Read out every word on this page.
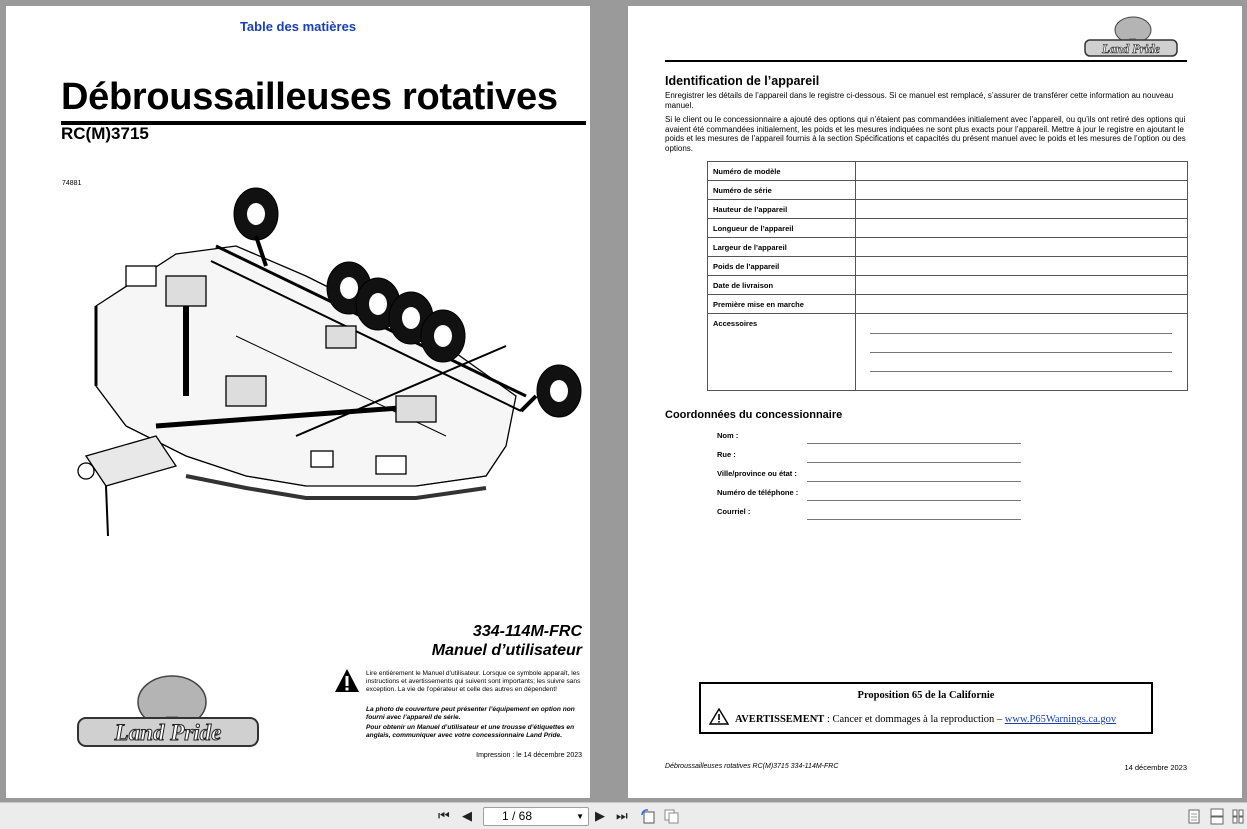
Table des matières
Débroussailleuses rotatives
RC(M)3715
74881
334-114M-FRC
Manuel d’utilisateur
Lire entièrement le Manuel d’utilisateur. Lorsque ce symbole apparaît, les instructions et avertissements qui suivent sont importants; les suivre sans exception. La vie de l’opérateur et celle des autres en dépendent!
La photo de couverture peut présenter l’équipement en option non fourni avec l’appareil de série.
Pour obtenir un Manuel d’utilisateur et une trousse d’étiquettes en anglais, communiquer avec votre concessionnaire Land Pride.
Impression : le 14 décembre 2023
Land Pride
Land Pride
Identification de l’appareil
Enregistrer les détails de l’appareil dans le registre ci-dessous. Si ce manuel est remplacé, s’assurer de transférer cette information au nouveau manuel.
Si le client ou le concessionnaire a ajouté des options qui n’étaient pas commandées initialement avec l’appareil, ou qu’ils ont retiré des options qui avaient été commandées initialement, les poids et les mesures indiquées ne sont plus exacts pour l’appareil. Mettre à jour le registre en ajoutant le poids et les mesures de l’appareil fournis à la section Spécifications et capacités du présent manuel avec le poids et les mesures de l’option ou des options.
Numéro de modèle	
Numéro de série	
Hauteur de l’appareil	
Longueur de l’appareil	
Largeur de l’appareil	
Poids de l’appareil	
Date de livraison	
Première mise en marche	
Accessoires	
Coordonnées du concessionnaire
Nom :
Rue :
Ville/province ou état :
Numéro de téléphone :
Courriel :
Proposition 65 de la Californie
AVERTISSEMENT : Cancer et dommages à la reproduction – www.P65Warnings.ca.gov
Débroussailleuses rotatives RC(M)3715 334-114M-FRC	14 décembre 2023
⏮ ◀	1 / 68	▼ ▶ ⏭
